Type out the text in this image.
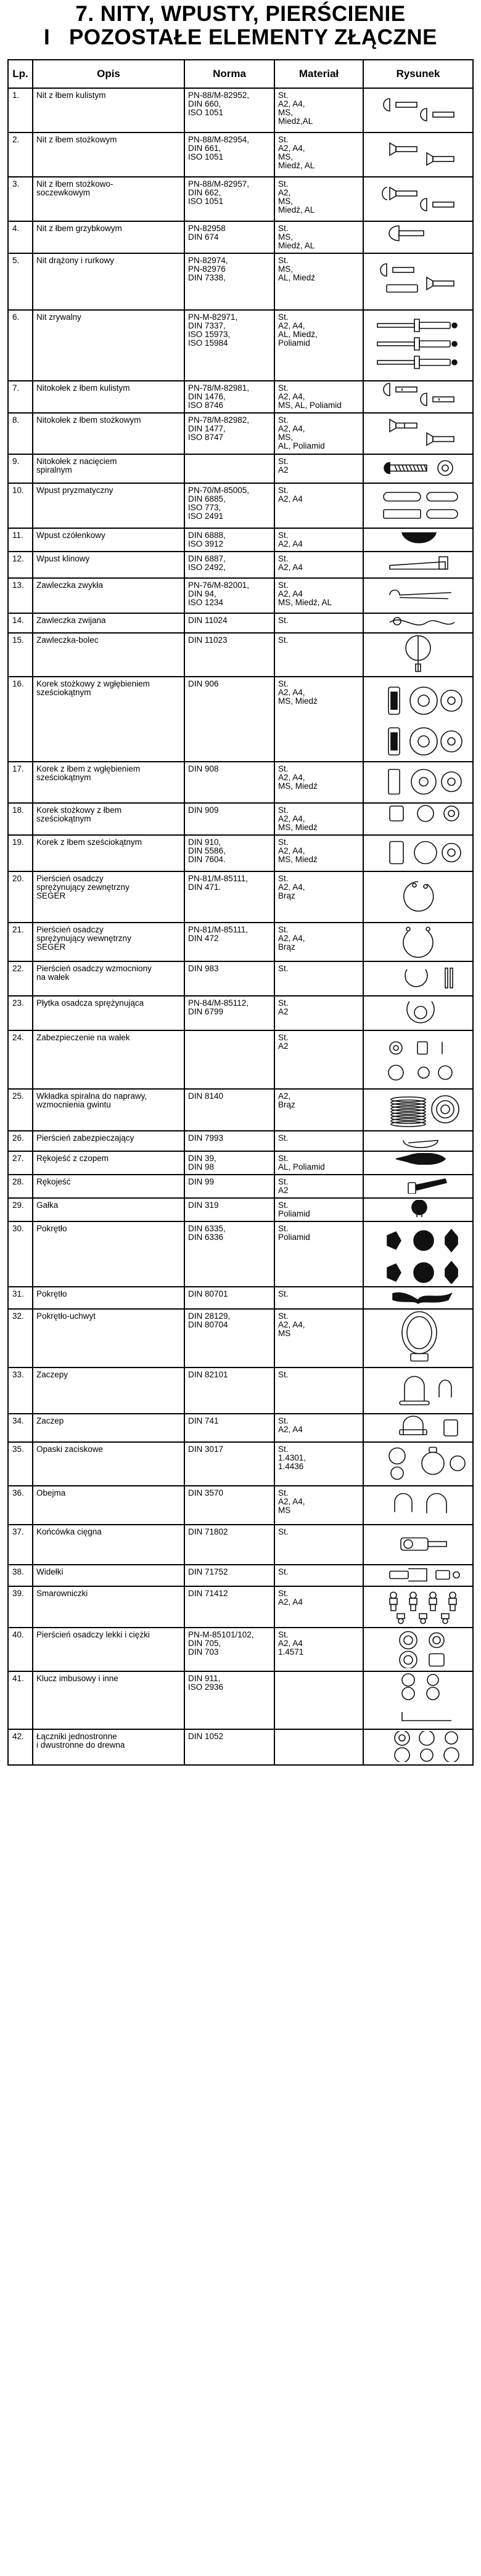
7. NITY, WPUSTY, PIERŚCIENIE
I   POZOSTAŁE ELEMENTY ZŁĄCZNE
Lp.	Opis	Norma	Materiał	Rysunek
1.	Nit z łbem kulistym	PN-88/M-82952,
DIN 660,
ISO 1051	St.
A2, A4,
MS,
Miedź,AL	

2.	Nit z łbem stożkowym	PN-88/M-82954,
DIN 661,
ISO 1051	St.
A2, A4,
MS,
Miedź, AL	

3.	Nit z łbem stożkowo-
soczewkowym	PN-88/M-82957,
DIN 662,
ISO 1051	St.
A2,
MS,
Miedź, AL	

4.	Nit z łbem grzybkowym	PN-82958
DIN 674	St.
MS,
Miedź, AL	

5.	Nit drążony i rurkowy	PN-82974,
PN-82976
DIN 7338,	St.
MS,
AL, Miedź	

6.	Nit zrywalny	PN-M-82971,
DIN 7337,
ISO 15973,
ISO 15984	St.
A2, A4,
AL, Miedź,
Poliamid	

7.	Nitokołek z łbem kulistym	PN-78/M-82981,
DIN 1476,
ISO 8746	St.
A2, A4,
MS, AL, Poliamid	

8.	Nitokołek z łbem stożkowym	PN-78/M-82982,
DIN 1477,
ISO 8747	St.
A2, A4,
MS,
AL, Poliamid	

9.	Nitokołek z nacięciem
spiralnym		St.
A2	

10.	Wpust pryzmatyczny	PN-70/M-85005,
DIN 6885,
ISO 773,
ISO 2491	St.
A2, A4	

11.	Wpust czółenkowy	DIN 6888,
ISO 3912	St.
A2, A4	

12.	Wpust klinowy	DIN 6887,
ISO 2492,	St.
A2, A4	

13.	Zawleczka zwykła	PN-76/M-82001,
DIN 94,
ISO 1234	St.
A2, A4
MS, Miedź, AL	

14.	Zawleczka zwijana	DIN 11024	St.	

15.	Zawleczka-bolec	DIN 11023	St.	

16.	Korek stożkowy z wgłębieniem
sześciokątnym	DIN 906	St.
A2, A4,
MS, Miedź	

17.	Korek z łbem z wgłębieniem
sześciokątnym	DIN 908	St.
A2, A4,
MS, Miedź	

18.	Korek stożkowy z łbem
sześciokątnym	DIN 909	St.
A2, A4,
MS, Miedź	

19.	Korek z łbem sześciokątnym	DIN 910,
DIN 5586,
DIN 7604.	St.
A2, A4,
MS, Miedź	

20.	Pierścień osadczy
sprężynujący zewnętrzny
SEGER	PN-81/M-85111,
DIN 471.	St.
A2, A4,
Brąz	

21.	Pierścień osadczy
sprężynujący wewnętrzny
SEGER	PN-81/M-85111,
DIN 472	St.
A2, A4,
Brąz	

22.	Pierścień osadczy wzmocniony
na wałek	DIN 983	St.	

23.	Płytka osadcza sprężynująca	PN-84/M-85112,
DIN 6799	St.
A2	

24.	Zabezpieczenie na wałek		St.
A2	

25.	Wkładka spiralna do naprawy,
wzmocnienia gwintu	DIN 8140	A2,
Brąz	

26.	Pierścień zabezpieczający	DIN 7993	St.	

27.	Rękojeść z czopem	DIN 39,
DIN 98	St.
AL, Poliamid	

28.	Rękojeść	DIN 99	St.
A2	

29.	Gałka	DIN 319	St.
Poliamid	

30.	Pokrętło	DIN 6335,
DIN 6336	St.
Poliamid	

31.	Pokrętło	DIN 80701	St.	

32.	Pokrętło-uchwyt	DIN 28129,
DIN 80704	St.
A2, A4,
MS	

33.	Zaczepy	DIN 82101	St.	

34.	Zaczep	DIN 741	St.
A2, A4	

35.	Opaski zaciskowe	DIN 3017	St.
1.4301,
1.4436	

36.	Obejma	DIN 3570	St.
A2, A4,
MS	

37.	Końcówka cięgna	DIN 71802	St.	

38.	Widełki	DIN 71752	St.	

39.	Smarowniczki	DIN 71412	St.
A2, A4	

40.	Pierścień osadczy lekki i ciężki	PN-M-85101/102,
DIN 705,
DIN 703	St.
A2, A4
1.4571	

41.	Klucz imbusowy i inne	DIN 911,
ISO 2936		

42.	Łączniki jednostronne
i dwustronne do drewna	DIN 1052		
